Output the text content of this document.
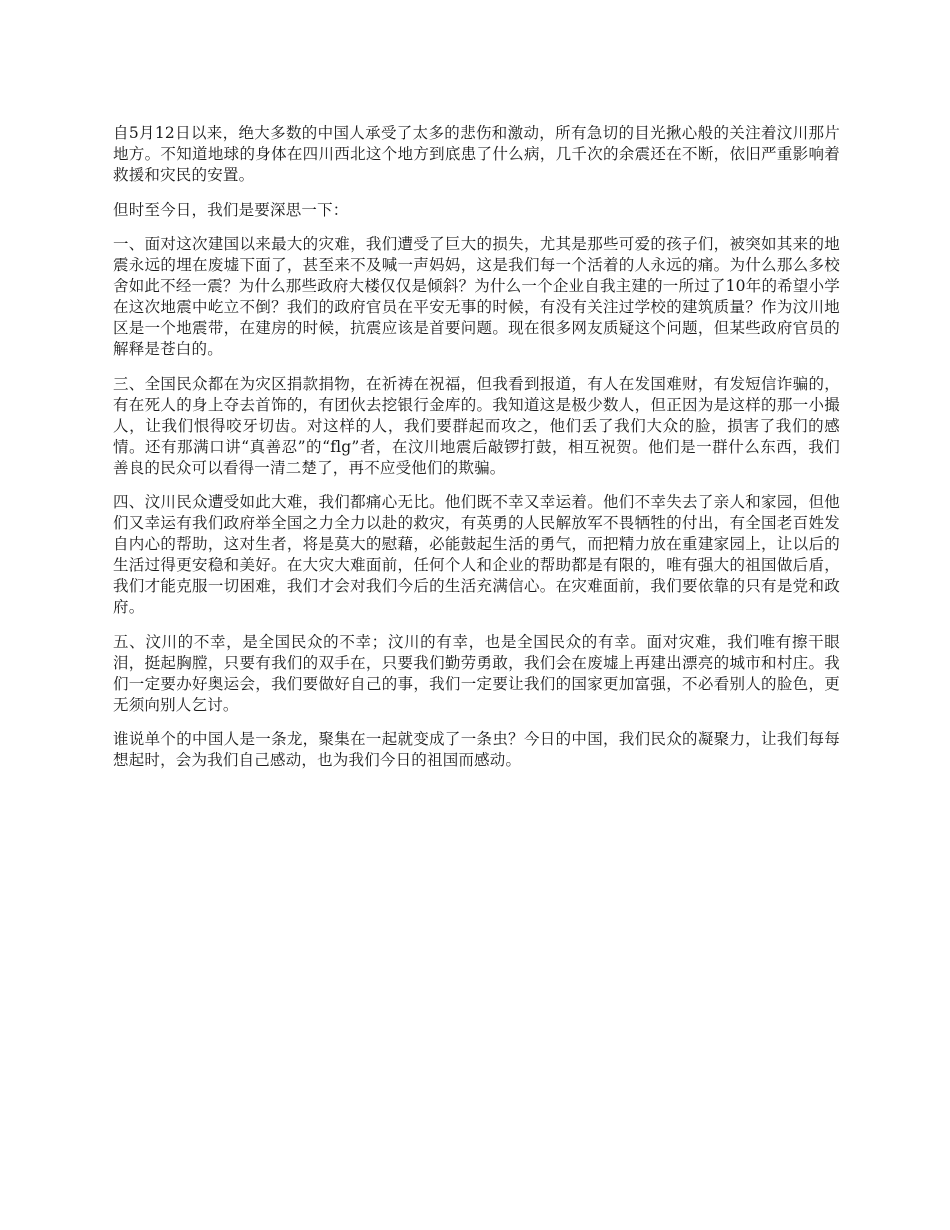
自5月12日以来，绝大多数的中国人承受了太多的悲伤和激动，所有急切的目光揪心般的关注着汶川那片地方。不知道地球的身体在四川西北这个地方到底患了什么病，几千次的余震还在不断，依旧严重影响着救援和灾民的安置。

但时至今日，我们是要深思一下：

一、面对这次建国以来最大的灾难，我们遭受了巨大的损失，尤其是那些可爱的孩子们，被突如其来的地震永远的埋在废墟下面了，甚至来不及喊一声妈妈，这是我们每一个活着的人永远的痛。为什么那么多校舍如此不经一震？为什么那些政府大楼仅仅是倾斜？为什么一个企业自我主建的一所过了10年的希望小学在这次地震中屹立不倒？我们的政府官员在平安无事的时候，有没有关注过学校的建筑质量？作为汶川地区是一个地震带，在建房的时候，抗震应该是首要问题。现在很多网友质疑这个问题，但某些政府官员的解释是苍白的。

三、全国民众都在为灾区捐款捐物，在祈祷在祝福，但我看到报道，有人在发国难财，有发短信诈骗的，有在死人的身上夺去首饰的，有团伙去挖银行金库的。我知道这是极少数人，但正因为是这样的那一小撮人，让我们恨得咬牙切齿。对这样的人，我们要群起而攻之，他们丢了我们大众的脸，损害了我们的感情。还有那满口讲“真善忍”的“flg”者，在汶川地震后敲锣打鼓，相互祝贺。他们是一群什么东西，我们善良的民众可以看得一清二楚了，再不应受他们的欺骗。

四、汶川民众遭受如此大难，我们都痛心无比。他们既不幸又幸运着。他们不幸失去了亲人和家园，但他们又幸运有我们政府举全国之力全力以赴的救灾，有英勇的人民解放军不畏牺牲的付出，有全国老百姓发自内心的帮助，这对生者，将是莫大的慰藉，必能鼓起生活的勇气，而把精力放在重建家园上，让以后的生活过得更安稳和美好。在大灾大难面前，任何个人和企业的帮助都是有限的，唯有强大的祖国做后盾，我们才能克服一切困难，我们才会对我们今后的生活充满信心。在灾难面前，我们要依靠的只有是党和政府。

五、汶川的不幸，是全国民众的不幸；汶川的有幸，也是全国民众的有幸。面对灾难，我们唯有擦干眼泪，挺起胸膛，只要有我们的双手在，只要我们勤劳勇敢，我们会在废墟上再建出漂亮的城市和村庄。我们一定要办好奥运会，我们要做好自己的事，我们一定要让我们的国家更加富强，不必看别人的脸色，更无须向别人乞讨。

谁说单个的中国人是一条龙，聚集在一起就变成了一条虫？今日的中国，我们民众的凝聚力，让我们每每想起时，会为我们自己感动，也为我们今日的祖国而感动。
